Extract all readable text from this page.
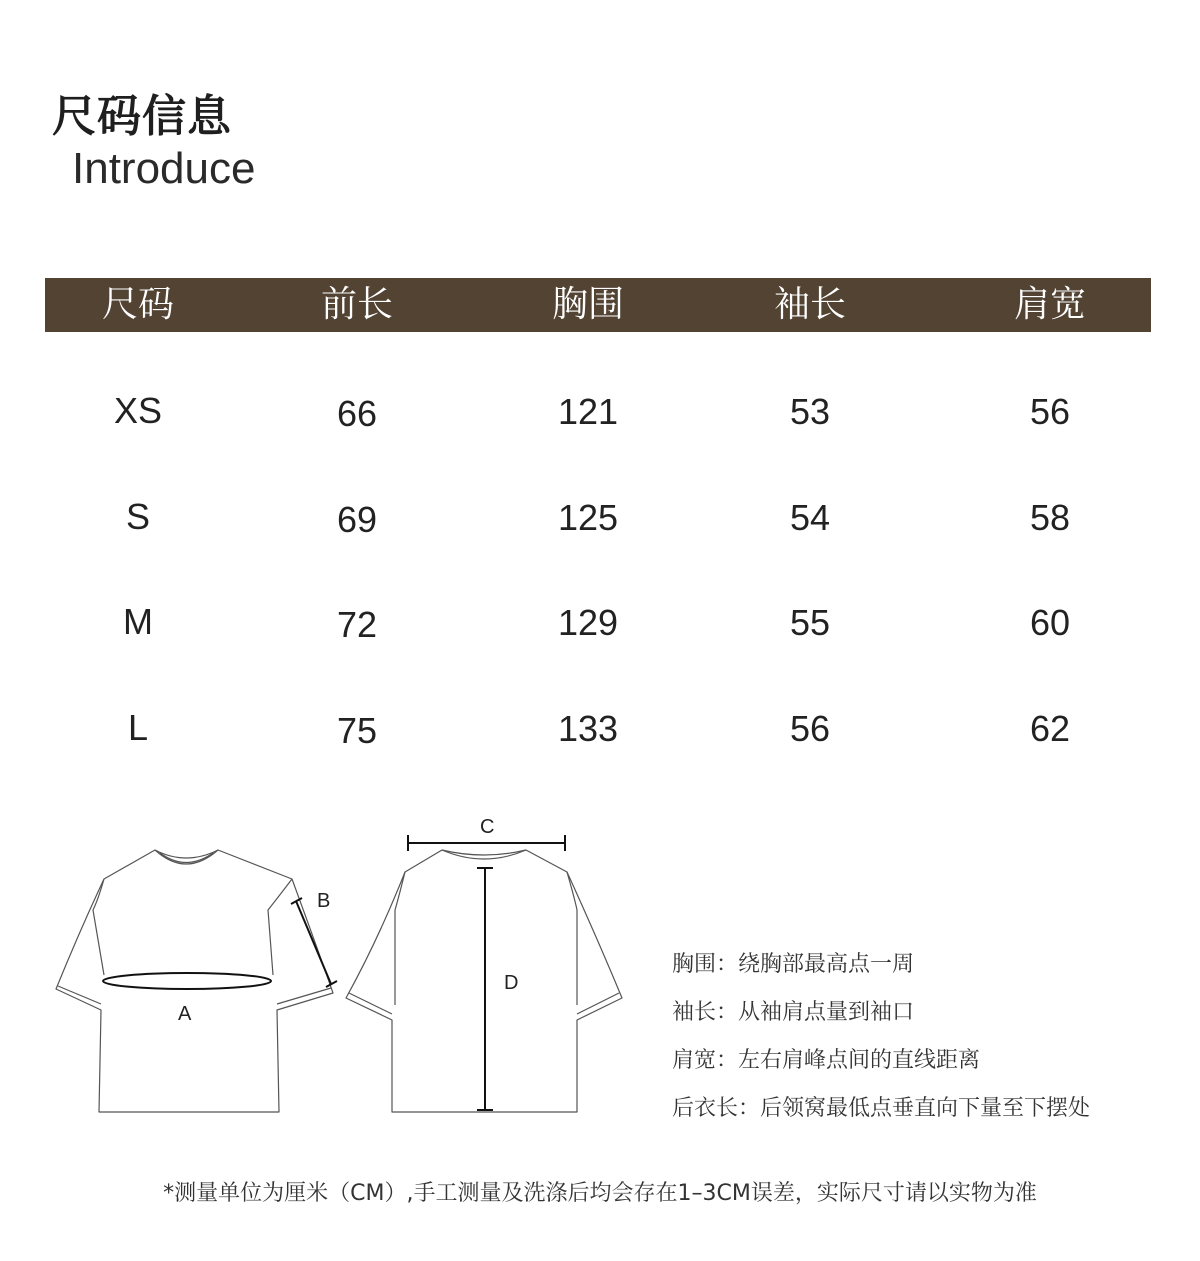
尺码信息
Introduce
尺码	前长	胸围	袖长	肩宽
XS	66	121	53	56
S	69	125	54	58
M	72	129	55	60
L	75	133	56	62
A
B
C
D
胸围：绕胸部最高点一周
袖长：从袖肩点量到袖口
肩宽：左右肩峰点间的直线距离
后衣长：后领窝最低点垂直向下量至下摆处
*测量单位为厘米（CM）,手工测量及洗涤后均会存在1–3CM误差，实际尺寸请以实物为准
